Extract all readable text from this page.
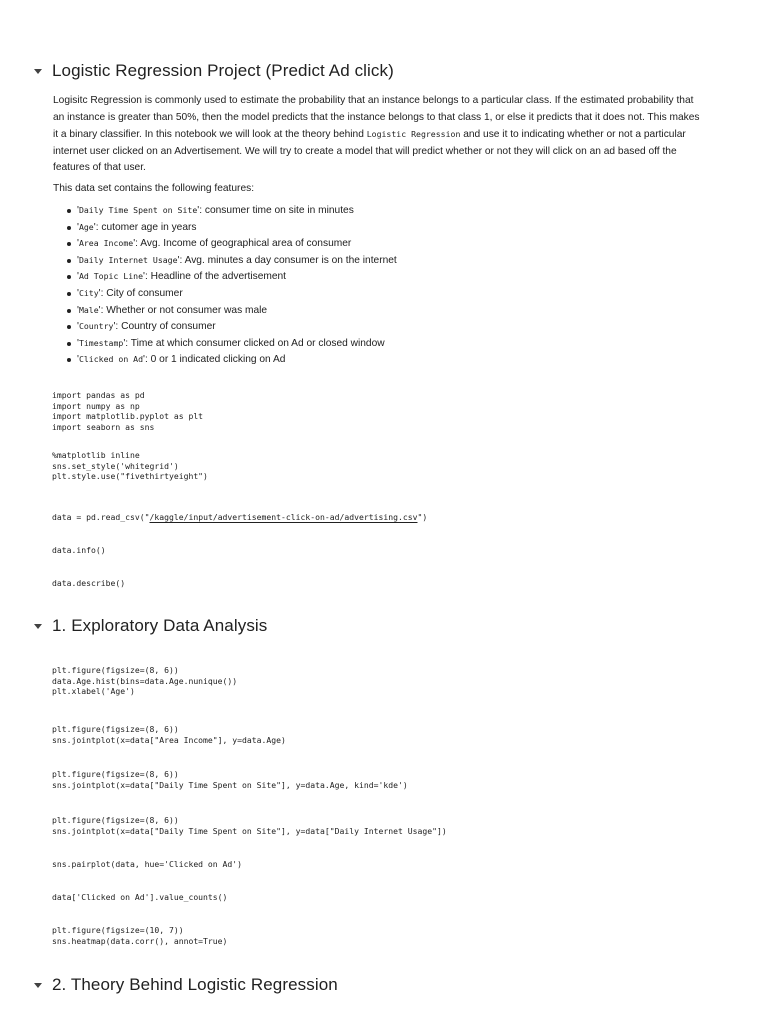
Logistic Regression Project (Predict Ad click)

Logisitc Regression is commonly used to estimate the probability that an instance belongs to a particular class. If the estimated probability that an instance is greater than 50%, then the model predicts that the instance belongs to that class 1, or else it predicts that it does not. This makes it a binary classifier. In this notebook we will look at the theory behind Logistic Regression and use it to indicating whether or not a particular internet user clicked on an Advertisement. We will try to create a model that will predict whether or not they will click on an ad based off the features of that user.

This data set contains the following features:

'Daily Time Spent on Site': consumer time on site in minutes
'Age': cutomer age in years
'Area Income': Avg. Income of geographical area of consumer
'Daily Internet Usage': Avg. minutes a day consumer is on the internet
'Ad Topic Line': Headline of the advertisement
'City': City of consumer
'Male': Whether or not consumer was male
'Country': Country of consumer
'Timestamp': Time at which consumer clicked on Ad or closed window
'Clicked on Ad': 0 or 1 indicated clicking on Ad
import pandas as pd
import numpy as np
import matplotlib.pyplot as plt
import seaborn as sns
%matplotlib inline
sns.set_style('whitegrid')
plt.style.use("fivethirtyeight")
data = pd.read_csv("/kaggle/input/advertisement-click-on-ad/advertising.csv")
data.info()
data.describe()
1. Exploratory Data Analysis
plt.figure(figsize=(8, 6))
data.Age.hist(bins=data.Age.nunique())
plt.xlabel('Age')
plt.figure(figsize=(8, 6))
sns.jointplot(x=data["Area Income"], y=data.Age)
plt.figure(figsize=(8, 6))
sns.jointplot(x=data["Daily Time Spent on Site"], y=data.Age, kind='kde')
plt.figure(figsize=(8, 6))
sns.jointplot(x=data["Daily Time Spent on Site"], y=data["Daily Internet Usage"])
sns.pairplot(data, hue='Clicked on Ad')
data['Clicked on Ad'].value_counts()
plt.figure(figsize=(10, 7))
sns.heatmap(data.corr(), annot=True)
2. Theory Behind Logistic Regression
